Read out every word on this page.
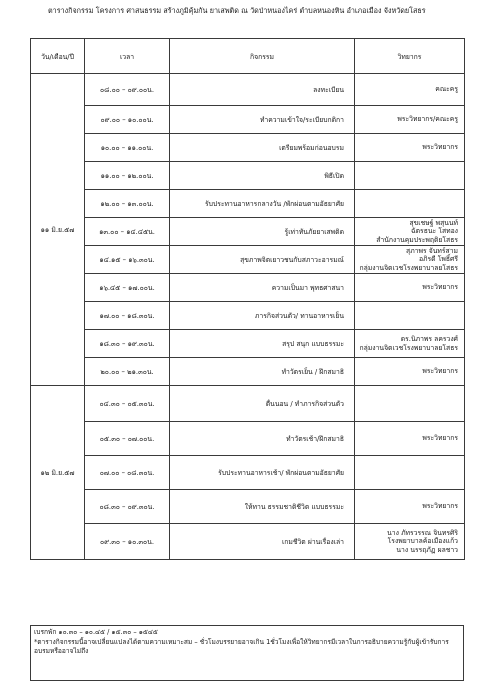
ตารางกิจกรรม โครงการ ศาสนธรรม สร้างภูมิคุ้มกัน ยาเสพติด ณ วัดป่าหนองไคร่ ตำบลหนองหิน อำเภอเมือง จังหวัดยโสธร
วัน/เดือน/ปี	เวลา	กิจกรรม	วิทยากร
๑๑ มิ.ย.๕๗	๐๘.๐๐ – ๐๙.๐๐น.	ลงทะเบียน	คณะครู

	๐๙.๐๐ – ๑๐.๐๐น.	ทำความเข้าใจ/ระเบียบกติกา	พระวิทยากร/คณะครู

	๑๐.๐๐ – ๑๑.๐๐น.	เตรียมพร้อมก่อนอบรม	พระวิทยากร

	๑๑.๐๐ – ๑๒.๐๐น.	พิธีเปิด	

	๑๒.๐๐ – ๑๓.๐๐น.	รับประทานอาหารกลางวัน /พักผ่อนตามอัธยาศัย	

	๑๓.๐๐ – ๑๔.๔๕น.	รู้เท่าทันภัยยาเสพติด	สุขเชษฐ์ พสุนนท์
ฉัตรธนะ โสทอง
สำนักงานคุมประพฤติยโสธร

	๑๔.๑๕ – ๑๖.๓๐น.	สุขภาพจิตเยาวชนกับสภาวะอารมณ์	สุภาพร จันทร์สาม
อภิรดี โพธิ์ศรี
กลุ่มงานจิตเวชโรงพยาบาลยโสธร

	๑๖.๔๕ – ๑๗.๐๐น.	ความเป็นมา พุทธศาสนา	พระวิทยากร

	๑๗.๐๐ – ๑๘.๓๐น.	ภารกิจส่วนตัว/ ทานอาหารเย็น	

	๑๘.๓๐ – ๑๙.๓๐น.	สรุป สนุก แบบธรรมะ	ดร.นิภาพร ลครวงศ์
กลุ่มงานจิตเวชโรงพยาบาลยโสธร

	๒๐.๐๐ – ๒๑.๓๐น.	ทำวัตรเย็น / ฝึกสมาธิ	พระวิทยากร

๑๒ มิ.ย.๕๗	๐๔.๓๐ – ๐๕.๓๐น.	ตื่นนอน / ทำภารกิจส่วนตัว	

	๐๕.๓๐ – ๐๗.๐๐น.	ทำวัตรเช้า/ฝึกสมาธิ	พระวิทยากร

	๐๗.๐๐ – ๐๘.๓๐น.	รับประทานอาหารเช้า/ พักผ่อนตามอัธยาศัย	

	๐๘.๓๐ – ๐๙.๓๐น.	ให้ทาน ธรรมชาติชีวิต แบบธรรมะ	พระวิทยากร

	๐๙.๓๐ – ๑๐.๓๐น.	เกมชีวิต ผ่านเรื่องเล่า	นาง ภัทรวรรณ จินทรศิริ
โรงพยาบาลค้อเมืองแก้ว
นาง นรรฤภัฏ ผลชาว
เบรกพัก ๑๐.๓๐ – ๑๐.๔๕ / ๑๕.๓๐ – ๑๕๔๕
*ตารางกิจกรรมนี้อาจเปลี่ยนแปลงได้ตามความเหมาะสม – ชั่วโมงบรรยายอาจเกิน 1ชั่วโมงเพื่อให้วิทยากรมีเวลาในการอธิบายความรู้กับผู้เข้ารับการอบรมหรืออาจไม่ถึง
